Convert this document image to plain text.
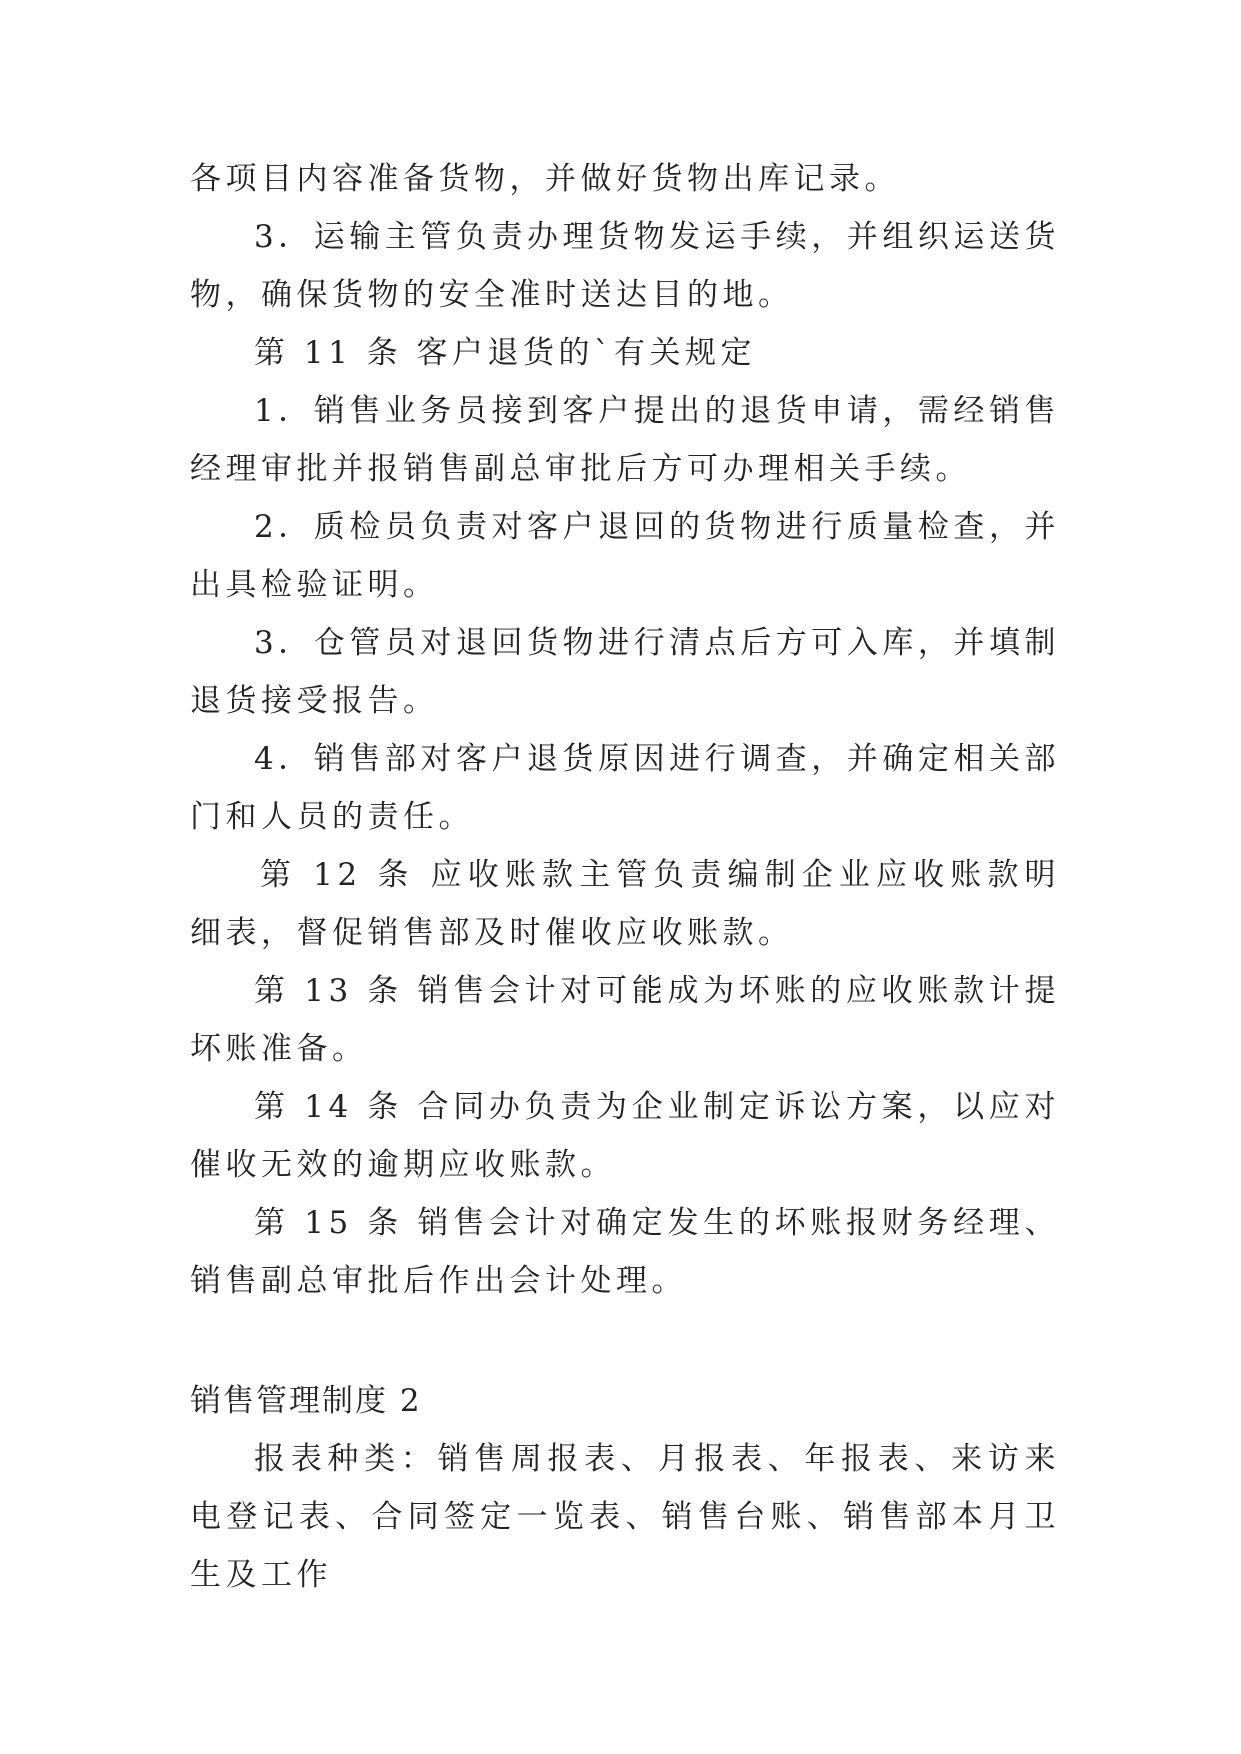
各项目内容准备货物，并做好货物出库记录。

3．运输主管负责办理货物发运手续，并组织运送货物，确保货物的安全准时送达目的地。

第 11 条 客户退货的`有关规定

1．销售业务员接到客户提出的退货申请，需经销售经理审批并报销售副总审批后方可办理相关手续。

2．质检员负责对客户退回的货物进行质量检查，并出具检验证明。

3．仓管员对退回货物进行清点后方可入库，并填制退货接受报告。

4．销售部对客户退货原因进行调查，并确定相关部门和人员的责任。

第 12 条 应收账款主管负责编制企业应收账款明细表，督促销售部及时催收应收账款。

第 13 条 销售会计对可能成为坏账的应收账款计提坏账准备。

第 14 条 合同办负责为企业制定诉讼方案，以应对催收无效的逾期应收账款。

第 15 条 销售会计对确定发生的坏账报财务经理、销售副总审批后作出会计处理。

销售管理制度 2

报表种类：销售周报表、月报表、年报表、来访来电登记表、合同签定一览表、销售台账、销售部本月卫生及工作
